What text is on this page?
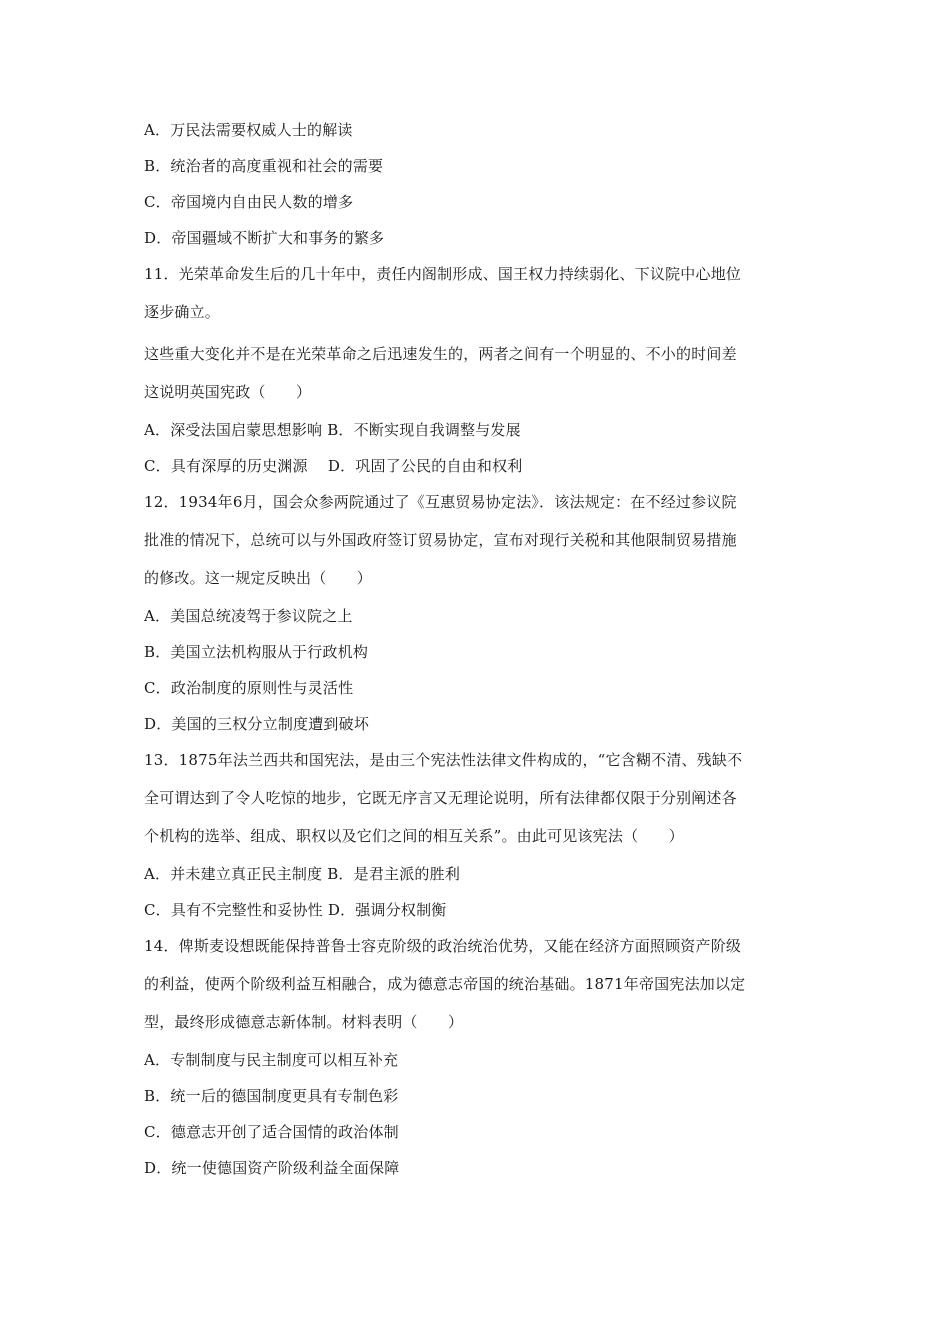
A．万民法需要权威人士的解读
B．统治者的高度重视和社会的需要
C．帝国境内自由民人数的增多
D．帝国疆域不断扩大和事务的繁多
11．光荣革命发生后的几十年中，责任内阁制形成、国王权力持续弱化、下议院中心地位
逐步确立。
这些重大变化并不是在光荣革命之后迅速发生的，两者之间有一个明显的、不小的时间差
这说明英国宪政（　　）
A．深受法国启蒙思想影响 B．不断实现自我调整与发展
C．具有深厚的历史渊源　 D．巩固了公民的自由和权利
12．1934年6月，国会众参两院通过了《互惠贸易协定法》．该法规定：在不经过参议院
批准的情况下，总统可以与外国政府签订贸易协定，宣布对现行关税和其他限制贸易措施
的修改。这一规定反映出（　　）
A．美国总统凌驾于参议院之上
B．美国立法机构服从于行政机构
C．政治制度的原则性与灵活性
D．美国的三权分立制度遭到破坏
13．1875年法兰西共和国宪法，是由三个宪法性法律文件构成的，“它含糊不清、残缺不
全可谓达到了令人吃惊的地步，它既无序言又无理论说明，所有法律都仅限于分别阐述各
个机构的选举、组成、职权以及它们之间的相互关系”。由此可见该宪法（　　）
A．并未建立真正民主制度 B．是君主派的胜利
C．具有不完整性和妥协性 D．强调分权制衡
14．俾斯麦设想既能保持普鲁士容克阶级的政治统治优势，又能在经济方面照顾资产阶级
的利益，使两个阶级利益互相融合，成为德意志帝国的统治基础。1871年帝国宪法加以定
型，最终形成德意志新体制。材料表明（　　）
A．专制制度与民主制度可以相互补充
B．统一后的德国制度更具有专制色彩
C．德意志开创了适合国情的政治体制
D．统一使德国资产阶级利益全面保障
